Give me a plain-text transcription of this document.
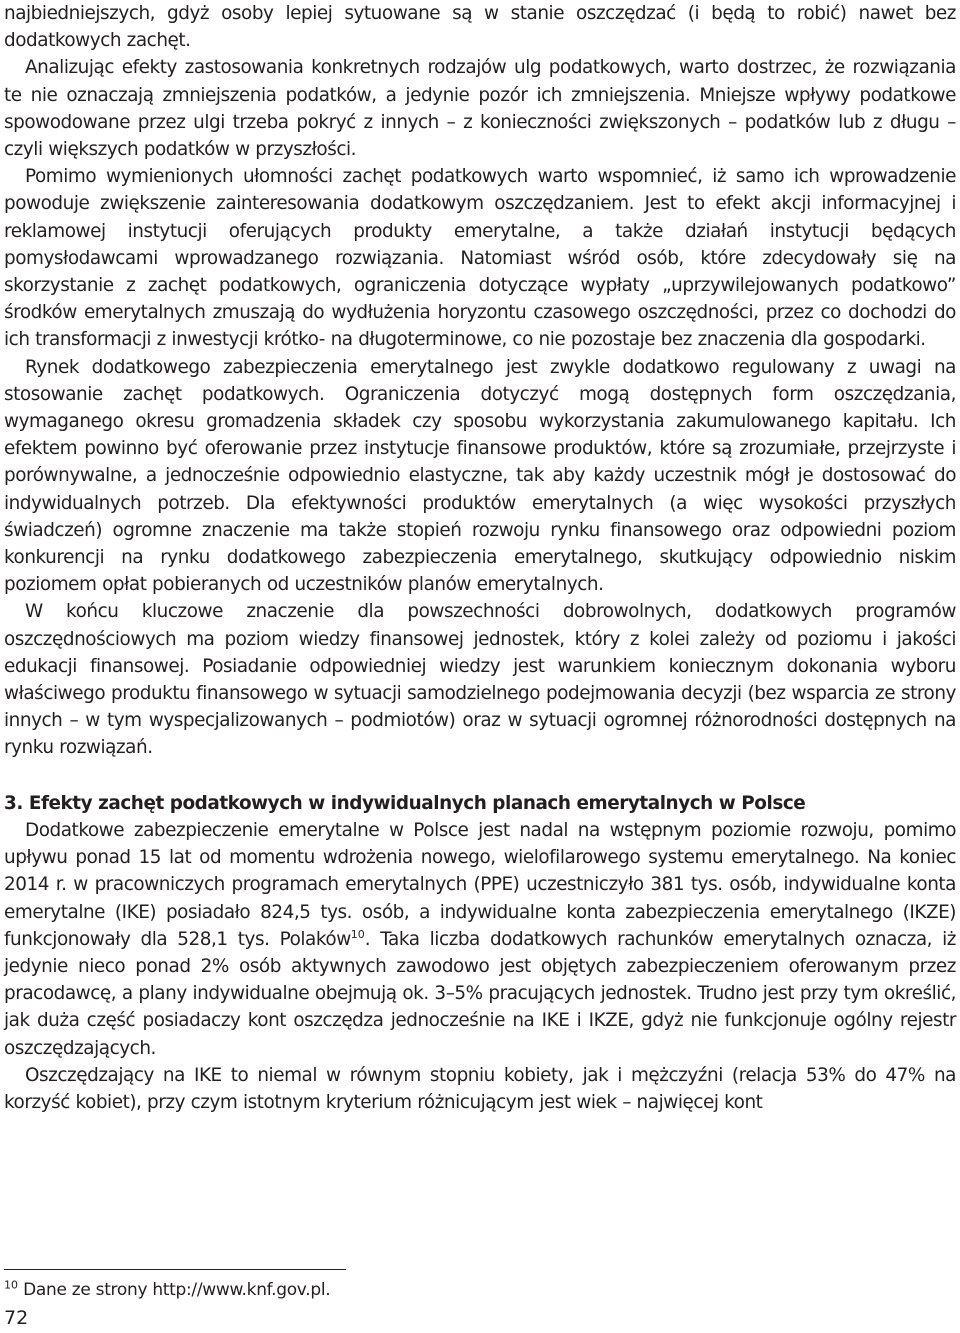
najbiedniejszych, gdyż osoby lepiej sytuowane są w stanie oszczędzać (i będą to robić) nawet bez dodatkowych zachęt.

Analizując efekty zastosowania konkretnych rodzajów ulg podatkowych, warto dostrzec, że rozwiązania te nie oznaczają zmniejszenia podatków, a jedynie pozór ich zmniejszenia. Mniejsze wpływy podatkowe spowodowane przez ulgi trzeba pokryć z innych – z konieczności zwiększonych – podatków lub z długu – czyli większych podatków w przyszłości.

Pomimo wymienionych ułomności zachęt podatkowych warto wspomnieć, iż samo ich wprowadzenie powoduje zwiększenie zainteresowania dodatkowym oszczędzaniem. Jest to efekt akcji informacyjnej i reklamowej instytucji oferujących produkty emerytalne, a także działań instytucji będących pomysłodawcami wprowadzanego rozwiązania. Natomiast wśród osób, które zdecydowały się na skorzystanie z zachęt podatkowych, ograniczenia dotyczące wypłaty „uprzywilejowanych podatkowo” środków emerytalnych zmuszają do wydłużenia horyzontu czasowego oszczędności, przez co dochodzi do ich transformacji z inwestycji krótko- na długoterminowe, co nie pozostaje bez znaczenia dla gospodarki.

Rynek dodatkowego zabezpieczenia emerytalnego jest zwykle dodatkowo regulowany z uwagi na stosowanie zachęt podatkowych. Ograniczenia dotyczyć mogą dostępnych form oszczędzania, wymaganego okresu gromadzenia składek czy sposobu wykorzystania zakumulowanego kapitału. Ich efektem powinno być oferowanie przez instytucje finansowe produktów, które są zrozumiałe, przejrzyste i porównywalne, a jednocześnie odpowiednio elastyczne, tak aby każdy uczestnik mógł je dostosować do indywidualnych potrzeb. Dla efektywności produktów emerytalnych (a więc wysokości przyszłych świadczeń) ogromne znaczenie ma także stopień rozwoju rynku finansowego oraz odpowiedni poziom konkurencji na rynku dodatkowego zabezpieczenia emerytalnego, skutkujący odpowiednio niskim poziomem opłat pobieranych od uczestników planów emerytalnych.

W końcu kluczowe znaczenie dla powszechności dobrowolnych, dodatkowych programów oszczędnościowych ma poziom wiedzy finansowej jednostek, który z kolei zależy od poziomu i jakości edukacji finansowej. Posiadanie odpowiedniej wiedzy jest warunkiem koniecznym dokonania wyboru właściwego produktu finansowego w sytuacji samodzielnego podejmowania decyzji (bez wsparcia ze strony innych – w tym wyspecjalizowanych – podmiotów) oraz w sytuacji ogromnej różnorodności dostępnych na rynku rozwiązań.

3. Efekty zachęt podatkowych w indywidualnych planach emerytalnych w Polsce

Dodatkowe zabezpieczenie emerytalne w Polsce jest nadal na wstępnym poziomie rozwoju, pomimo upływu ponad 15 lat od momentu wdrożenia nowego, wielofilarowego systemu emerytalnego. Na koniec 2014 r. w pracowniczych programach emerytalnych (PPE) uczestniczyło 381 tys. osób, indywidualne konta emerytalne (IKE) posiadało 824,5 tys. osób, a indywidualne konta zabezpieczenia emerytalnego (IKZE) funkcjonowały dla 528,1 tys. Polaków$^{10}$. Taka liczba dodatkowych rachunków emerytalnych oznacza, iż jedynie nieco ponad 2% osób aktywnych zawodowo jest objętych zabezpieczeniem oferowanym przez pracodawcę, a plany indywidualne obejmują ok. 3–5% pracujących jednostek. Trudno jest przy tym określić, jak duża część posiadaczy kont oszczędza jednocześnie na IKE i IKZE, gdyż nie funkcjonuje ogólny rejestr oszczędzających.

Oszczędzający na IKE to niemal w równym stopniu kobiety, jak i mężczyźni (relacja 53% do 47% na korzyść kobiet), przy czym istotnym kryterium różnicującym jest wiek – najwięcej kont

$^{10}$ Dane ze strony http://www.knf.gov.pl.

72
